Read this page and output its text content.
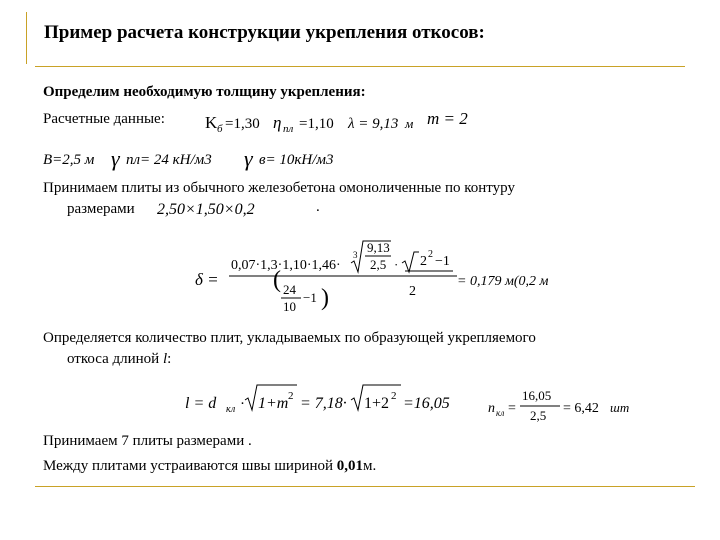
Пример расчета конструкции укрепления откосов:
Определим необходимую толщину укрепления:
Расчетные данные: K б =1,30 η пл =1,10 λ = 9,13 м m = 2
B=2,5 м γ пл= 24 кН/м3 γ в= 10кН/м3
Принимаем плиты из обычного железобетона омоноличенные по контуру
размерами 2,50×1,50×0,2	.
δ =
0,07·1,3·1,10·1,46·
3 9,13
2,5 · 2 2 −1
2
( 24
10
−1 )
= 0,179 м(0,2 м
Определяется количество плит, укладываемых по образующей укрепляемого
откоса длиной l:
l = d кл · 1+m 2 = 7,18· 1+2 2 =16,05	n кл =
16,05
2,5 = 6,42 шт
Принимаем 7 плиты размерами .
Между плитами устраиваются швы шириной 0,01м.
